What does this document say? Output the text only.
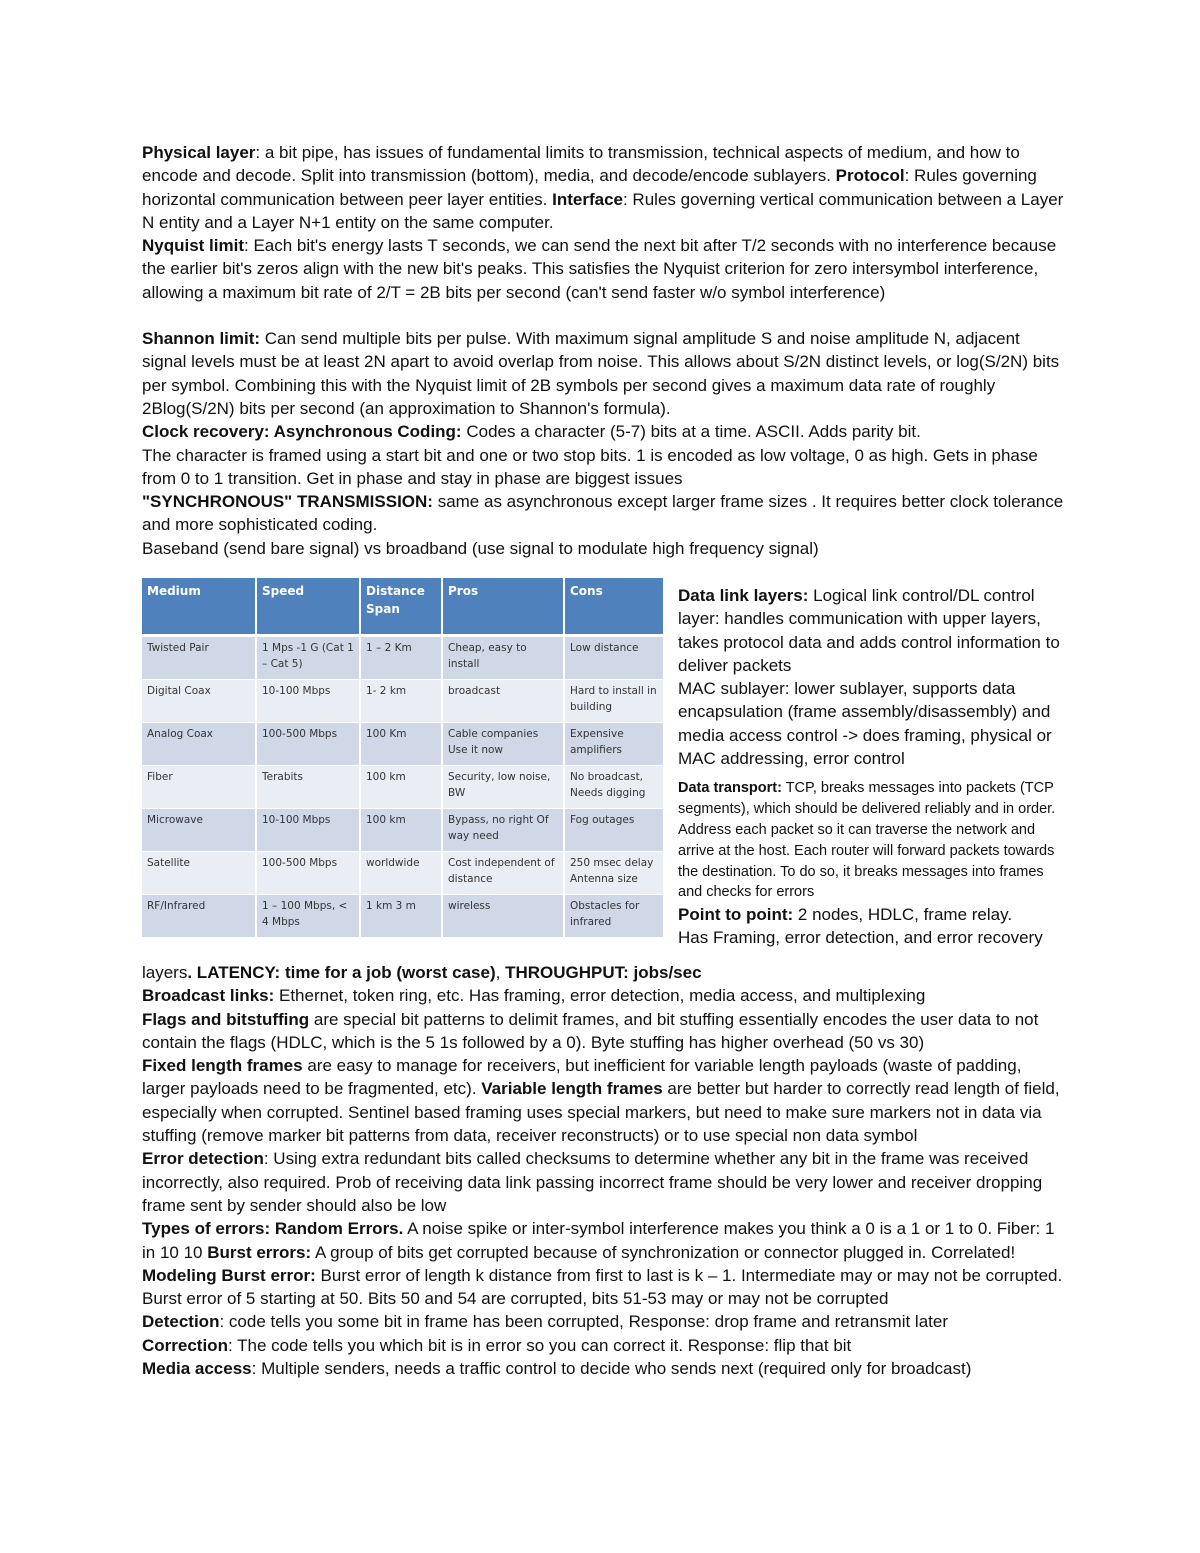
Physical layer: a bit pipe, has issues of fundamental limits to transmission, technical aspects of medium, and how to encode and decode. Split into transmission (bottom), media, and decode/encode sublayers. Protocol: Rules governing horizontal communication between peer layer entities. Interface: Rules governing vertical communication between a Layer N entity and a Layer N+1 entity on the same computer.

Nyquist limit: Each bit's energy lasts T seconds, we can send the next bit after T/2 seconds with no interference because the earlier bit's zeros align with the new bit's peaks. This satisfies the Nyquist criterion for zero intersymbol interference, allowing a maximum bit rate of 2/T = 2B bits per second (can't send faster w/o symbol interference)

Shannon limit: Can send multiple bits per pulse. With maximum signal amplitude S and noise amplitude N, adjacent signal levels must be at least 2N apart to avoid overlap from noise. This allows about S/2N distinct levels, or log(S/2N) bits per symbol. Combining this with the Nyquist limit of 2B symbols per second gives a maximum data rate of roughly 2Blog(S/2N) bits per second (an approximation to Shannon's formula).

Clock recovery: Asynchronous Coding: Codes a character (5-7) bits at a time. ASCII. Adds parity bit.

The character is framed using a start bit and one or two stop bits. 1 is encoded as low voltage, 0 as high. Gets in phase from 0 to 1 transition. Get in phase and stay in phase are biggest issues

"SYNCHRONOUS" TRANSMISSION: same as asynchronous except larger frame sizes . It requires better clock tolerance and more sophisticated coding.

Baseband (send bare signal) vs broadband (use signal to modulate high frequency signal)

Medium	Speed	Distance Span	Pros	Cons
Twisted Pair	1 Mps -1 G (Cat 1 – Cat 5)	1 – 2 Km	Cheap, easy to install	Low distance
Digital Coax	10-100 Mbps	1- 2 km	broadcast	Hard to install in building
Analog Coax	100-500 Mbps	100 Km	Cable companies Use it now	Expensive amplifiers
Fiber	Terabits	100 km	Security, low noise, BW	No broadcast, Needs digging
Microwave	10-100 Mbps	100 km	Bypass, no right Of way need	Fog outages
Satellite	100-500 Mbps	worldwide	Cost independent of distance	250 msec delay Antenna size
RF/Infrared	1 – 100 Mbps, < 4 Mbps	1 km 3 m	wireless	Obstacles for infrared

Data link layers: Logical link control/DL control layer: handles communication with upper layers, takes protocol data and adds control information to deliver packets

MAC sublayer: lower sublayer, supports data encapsulation (frame assembly/disassembly) and media access control -> does framing, physical or MAC addressing, error control

Data transport: TCP, breaks messages into packets (TCP segments), which should be delivered reliably and in order. Address each packet so it can traverse the network and arrive at the host. Each router will forward packets towards the destination. To do so, it breaks messages into frames and checks for errors

Point to point: 2 nodes, HDLC, frame relay.

Has Framing, error detection, and error recovery

layers. LATENCY: time for a job (worst case), THROUGHPUT: jobs/sec

Broadcast links: Ethernet, token ring, etc. Has framing, error detection, media access, and multiplexing

Flags and bitstuffing are special bit patterns to delimit frames, and bit stuffing essentially encodes the user data to not contain the flags (HDLC, which is the 5 1s followed by a 0). Byte stuffing has higher overhead (50 vs 30)

Fixed length frames are easy to manage for receivers, but inefficient for variable length payloads (waste of padding, larger payloads need to be fragmented, etc). Variable length frames are better but harder to correctly read length of field, especially when corrupted. Sentinel based framing uses special markers, but need to make sure markers not in data via stuffing (remove marker bit patterns from data, receiver reconstructs) or to use special non data symbol

Error detection: Using extra redundant bits called checksums to determine whether any bit in the frame was received incorrectly, also required. Prob of receiving data link passing incorrect frame should be very lower and receiver dropping frame sent by sender should also be low

Types of errors: Random Errors. A noise spike or inter-symbol interference makes you think a 0 is a 1 or 1 to 0. Fiber: 1 in 10 10 Burst errors: A group of bits get corrupted because of synchronization or connector plugged in. Correlated! Modeling Burst error: Burst error of length k distance from first to last is k – 1. Intermediate may or may not be corrupted. Burst error of 5 starting at 50. Bits 50 and 54 are corrupted, bits 51-53 may or may not be corrupted

Detection: code tells you some bit in frame has been corrupted, Response: drop frame and retransmit later

Correction: The code tells you which bit is in error so you can correct it. Response: flip that bit

Media access: Multiple senders, needs a traffic control to decide who sends next (required only for broadcast)
